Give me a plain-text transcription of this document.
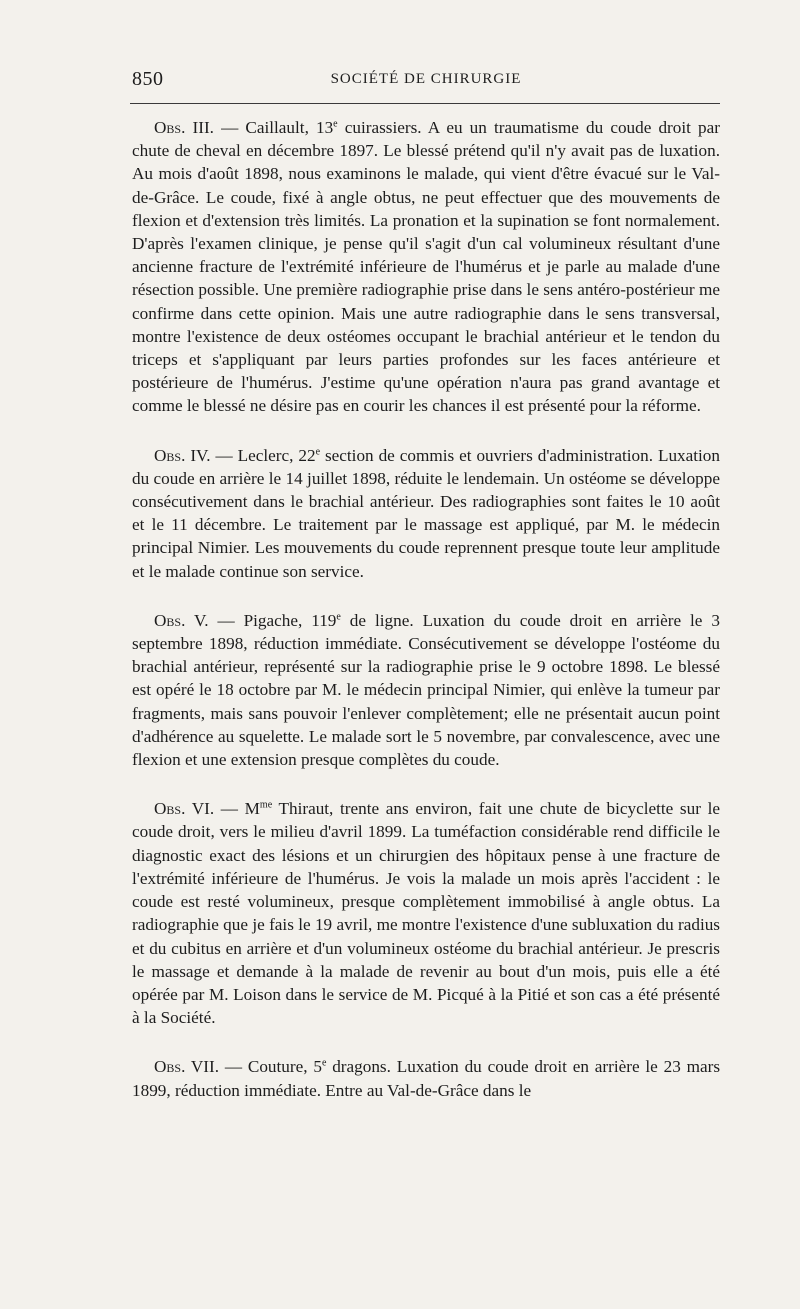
850	SOCIÉTÉ DE CHIRURGIE

Obs. III. — Caillault, 13e cuirassiers. A eu un traumatisme du coude droit par chute de cheval en décembre 1897. Le blessé prétend qu'il n'y avait pas de luxation. Au mois d'août 1898, nous examinons le malade, qui vient d'être évacué sur le Val-de-Grâce. Le coude, fixé à angle obtus, ne peut effectuer que des mouvements de flexion et d'extension très limités. La pronation et la supination se font normalement. D'après l'examen clinique, je pense qu'il s'agit d'un cal volumineux résultant d'une ancienne fracture de l'extrémité inférieure de l'humérus et je parle au malade d'une résection possible. Une première radiographie prise dans le sens antéro-postérieur me confirme dans cette opinion. Mais une autre radiographie dans le sens transversal, montre l'existence de deux ostéomes occupant le brachial antérieur et le tendon du triceps et s'appliquant par leurs parties profondes sur les faces antérieure et postérieure de l'humérus. J'estime qu'une opération n'aura pas grand avantage et comme le blessé ne désire pas en courir les chances il est présenté pour la réforme.

Obs. IV. — Leclerc, 22e section de commis et ouvriers d'administration. Luxation du coude en arrière le 14 juillet 1898, réduite le lendemain. Un ostéome se développe consécutivement dans le brachial antérieur. Des radiographies sont faites le 10 août et le 11 décembre. Le traitement par le massage est appliqué, par M. le médecin principal Nimier. Les mouvements du coude reprennent presque toute leur amplitude et le malade continue son service.

Obs. V. — Pigache, 119e de ligne. Luxation du coude droit en arrière le 3 septembre 1898, réduction immédiate. Consécutivement se développe l'ostéome du brachial antérieur, représenté sur la radiographie prise le 9 octobre 1898. Le blessé est opéré le 18 octobre par M. le médecin principal Nimier, qui enlève la tumeur par fragments, mais sans pouvoir l'enlever complètement; elle ne présentait aucun point d'adhérence au squelette. Le malade sort le 5 novembre, par convalescence, avec une flexion et une extension presque complètes du coude.

Obs. VI. — $M^{me}$ Thiraut, trente ans environ, fait une chute de bicyclette sur le coude droit, vers le milieu d'avril 1899. La tuméfaction considérable rend difficile le diagnostic exact des lésions et un chirurgien des hôpitaux pense à une fracture de l'extrémité inférieure de l'humérus. Je vois la malade un mois après l'accident : le coude est resté volumineux, presque complètement immobilisé à angle obtus. La radiographie que je fais le 19 avril, me montre l'existence d'une subluxation du radius et du cubitus en arrière et d'un volumineux ostéome du brachial antérieur. Je prescris le massage et demande à la malade de revenir au bout d'un mois, puis elle a été opérée par M. Loison dans le service de M. Picqué à la Pitié et son cas a été présenté à la Société.

Obs. VII. — Couture, 5e dragons. Luxation du coude droit en arrière le 23 mars 1899, réduction immédiate. Entre au Val-de-Grâce dans le
